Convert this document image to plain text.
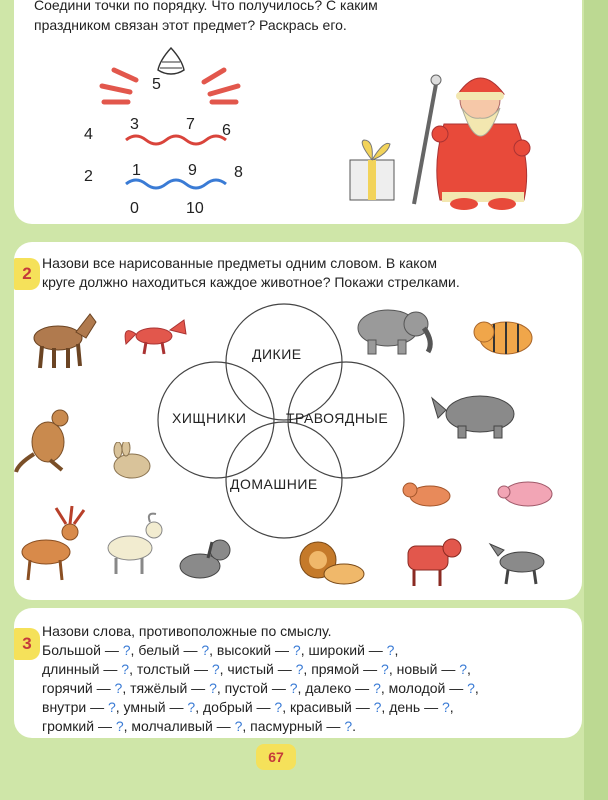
Соедини точки по порядку. Что получилось? С каким
праздником связан этот предмет? Раскрась его.
5
3	7
4	6
1	9
2	8
0	10
2
Назови все нарисованные предметы одним словом. В каком
круге должно находиться каждое животное? Покажи стрелками.
ДИКИЕ
ХИЩНИКИ	ТРАВОЯДНЫЕ
ДОМАШНИЕ
3
Назови слова, противоположные по смыслу.
Большой — ?, белый — ?, высокий — ?, широкий — ?,
длинный — ?, толстый — ?, чистый — ?, прямой — ?, новый — ?,
горячий — ?, тяжёлый — ?, пустой — ?, далеко — ?, молодой — ?,
внутри — ?, умный — ?, добрый — ?, красивый — ?, день — ?,
громкий — ?, молчаливый — ?, пасмурный — ?.
67
